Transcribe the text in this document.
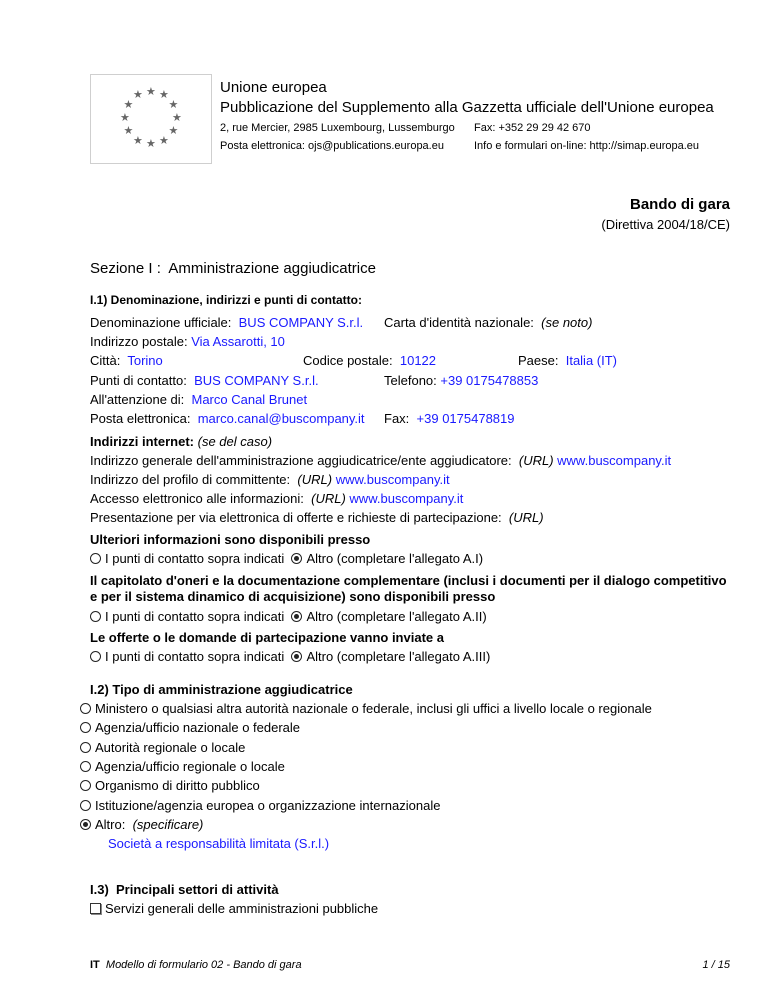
★ ★
★
★
★
★
★
★
★
★
★
★	Unione europea
Pubblicazione del Supplemento alla Gazzetta ufficiale dell'Unione europea
2, rue Mercier, 2985 Luxembourg, Lussemburgo Fax: +352 29 29 42 670
Posta elettronica: ojs@publications.europa.eu	Info e formulari on-line: http://simap.europa.eu
Bando di gara
(Direttiva 2004/18/CE)
Sezione I :  Amministrazione aggiudicatrice
I.1) Denominazione, indirizzi e punti di contatto:
Denominazione ufficiale: BUS COMPANY S.r.l. Carta d'identità nazionale: (se noto)
Indirizzo postale: Via Assarotti, 10
Città: Torino	Codice postale: 10122	Paese: Italia (IT)
Punti di contatto: BUS COMPANY S.r.l.	Telefono: +39 0175478853
All'attenzione di: Marco Canal Brunet
Posta elettronica: marco.canal@buscompany.it Fax: +39 0175478819
Indirizzi internet: (se del caso)
Indirizzo generale dell'amministrazione aggiudicatrice/ente aggiudicatore: (URL) www.buscompany.it
Indirizzo del profilo di committente: (URL) www.buscompany.it
Accesso elettronico alle informazioni: (URL) www.buscompany.it
Presentazione per via elettronica di offerte e richieste di partecipazione: (URL)
Ulteriori informazioni sono disponibili presso
I punti di contatto sopra indicati Altro (completare l'allegato A.I)
Il capitolato d'oneri e la documentazione complementare (inclusi i documenti per il dialogo competitivo
e per il sistema dinamico di acquisizione) sono disponibili presso
I punti di contatto sopra indicati Altro (completare l'allegato A.II)
Le offerte o le domande di partecipazione vanno inviate a
I punti di contatto sopra indicati Altro (completare l'allegato A.III)
I.2) Tipo di amministrazione aggiudicatrice
Ministero o qualsiasi altra autorità nazionale o federale, inclusi gli uffici a livello locale o regionale
Agenzia/ufficio nazionale o federale
Autorità regionale o locale
Agenzia/ufficio regionale o locale
Organismo di diritto pubblico
Istituzione/agenzia europea o organizzazione internazionale
Altro: (specificare)
Società a responsabilità limitata (S.r.l.)
I.3)  Principali settori di attività
Servizi generali delle amministrazioni pubbliche
IT Modello di formulario 02 - Bando di gara	1 / 15
